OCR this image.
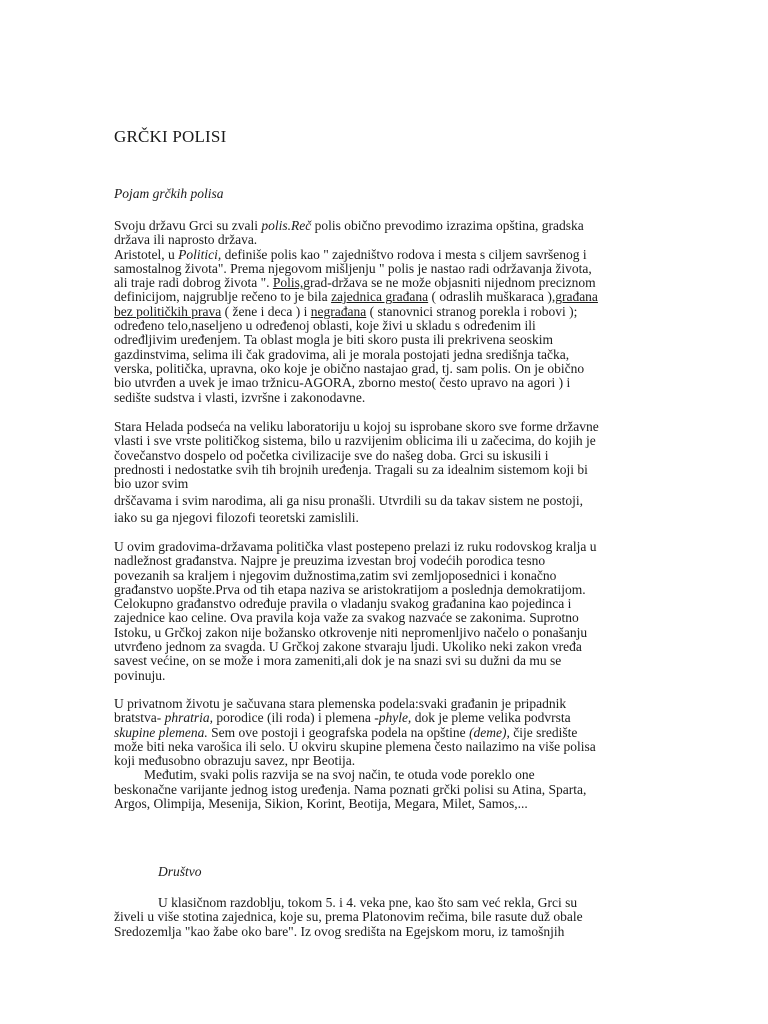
GRČKI POLISI

Pojam grčkih polisa

Svoju državu Grci su zvali polis.Reč polis obično prevodimo izrazima opština, gradska
država ili naprosto država.
Aristotel, u Politici, definiše polis kao " zajedništvo rodova i mesta s ciljem savršenog i
samostalnog života". Prema njegovom mišljenju " polis je nastao radi održavanja života,
ali traje radi dobrog života ". Polis,grad-država se ne može objasniti nijednom preciznom
definicijom, najgrublje rečeno to je bila zajednica građana ( odraslih muškaraca ),građana
bez političkih prava ( žene i deca ) i negrađana ( stanovnici stranog porekla i robovi );
određeno telo,naseljeno u određenoj oblasti, koje živi u skladu s određenim ili
određljivim uređenjem. Ta oblast mogla je biti skoro pusta ili prekrivena seoskim
gazdinstvima, selima ili čak gradovima, ali je morala postojati jedna središnja tačka,
verska, politička, upravna, oko koje je obično nastajao grad, tj. sam polis. On je obično
bio utvrđen a uvek je imao tržnicu-AGORA, zborno mesto( često upravo na agori ) i
sedište sudstva i vlasti, izvršne i zakonodavne.
Stara Helada podseća na veliku laboratoriju u kojoj su isprobane skoro sve forme državne
vlasti i sve vrste političkog sistema, bilo u razvijenim oblicima ili u začecima, do kojih je
čovečanstvo dospelo od početka civilizacije sve do našeg doba. Grci su iskusili i
prednosti i nedostatke svih tih brojnih uređenja. Tragali su za idealnim sistemom koji bi
bio uzor svim
drščavama i svim narodima, ali ga nisu pronašli. Utvrdili su da takav sistem ne postoji,
iako su ga njegovi filozofi teoretski zamislili.
U ovim gradovima-državama politička vlast postepeno prelazi iz ruku rodovskog kralja u
nadležnost građanstva. Najpre je preuzima izvestan broj vodećih porodica tesno
povezanih sa kraljem i njegovim dužnostima,zatim svi zemljoposednici i konačno
građanstvo uopšte.Prva od tih etapa naziva se aristokratijom a poslednja demokratijom.
Celokupno građanstvo određuje pravila o vladanju svakog građanina kao pojedinca i
zajednice kao celine. Ova pravila koja važe za svakog nazvaće se zakonima. Suprotno
Istoku, u Grčkoj zakon nije božansko otkrovenje niti nepromenljivo načelo o ponašanju
utvrđeno jednom za svagda. U Grčkoj zakone stvaraju ljudi. Ukoliko neki zakon vređa
savest većine, on se može i mora zameniti,ali dok je na snazi svi su dužni da mu se
povinuju.
U privatnom životu je sačuvana stara plemenska podela:svaki građanin je pripadnik
bratstva- phratria, porodice (ili roda) i plemena -phyle, dok je pleme velika podvrsta
skupine plemena. Sem ove postoji i geografska podela na opštine (deme), čije središte
može biti neka varošica ili selo. U okviru skupine plemena često nailazimo na više polisa
koji međusobno obrazuju savez, npr Beotija.
Međutim, svaki polis razvija se na svoj način, te otuda vode poreklo one
beskonačne varijante jednog istog uređenja. Nama poznati grčki polisi su Atina, Sparta,
Argos, Olimpija, Mesenija, Sikion, Korint, Beotija, Megara, Milet, Samos,...

Društvo

U klasičnom razdoblju, tokom 5. i 4. veka pne, kao što sam već rekla, Grci su
živeli u više stotina zajednica, koje su, prema Platonovim rečima, bile rasute duž obale
Sredozemlja "kao žabe oko bare". Iz ovog središta na Egejskom moru, iz tamošnjih
